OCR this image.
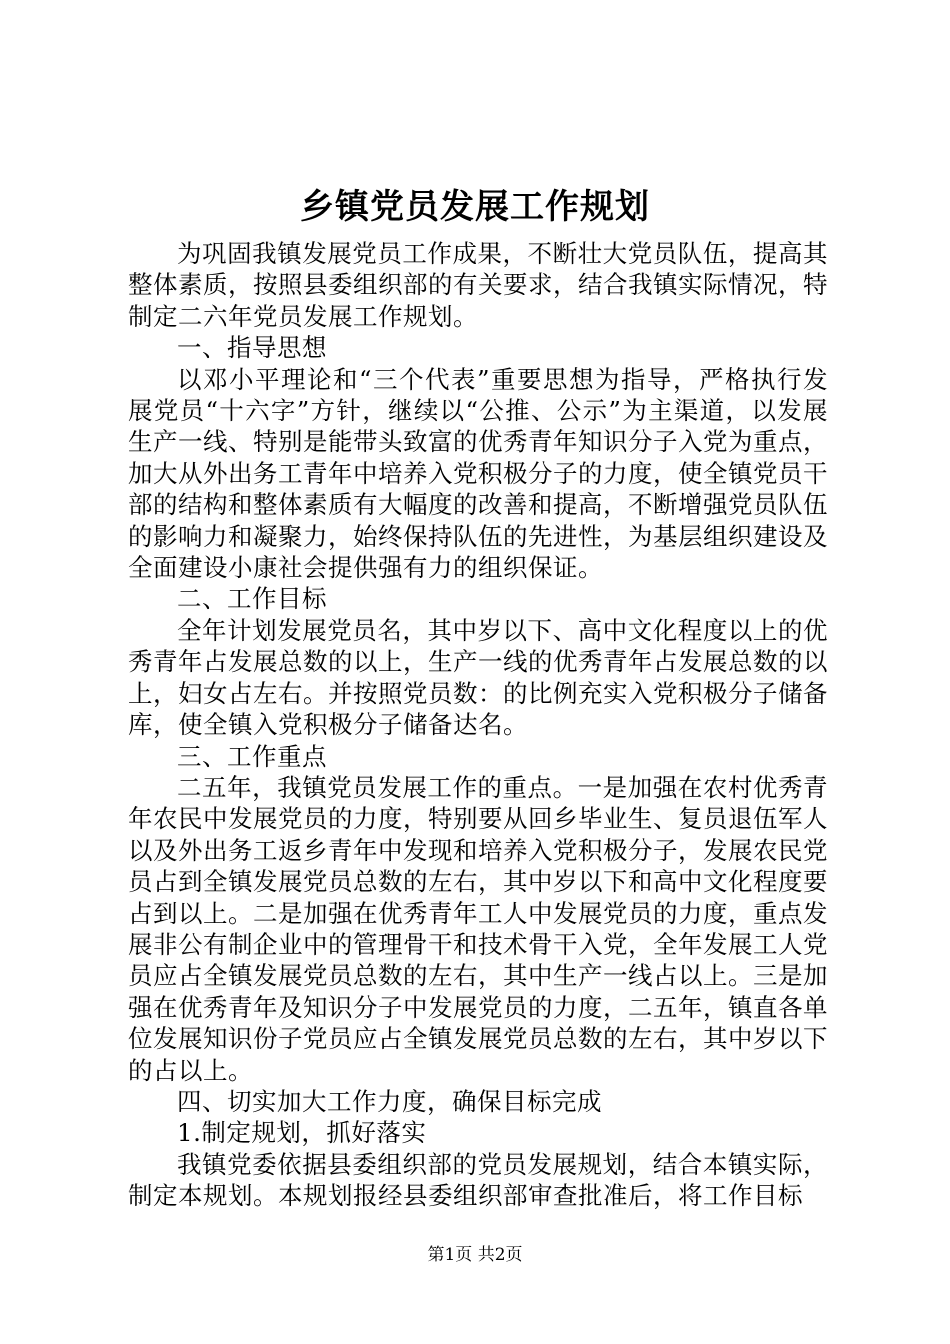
乡镇党员发展工作规划

为巩固我镇发展党员工作成果，不断壮大党员队伍，提高其整体素质，按照县委组织部的有关要求，结合我镇实际情况，特制定二六年党员发展工作规划。

一、指导思想

以邓小平理论和“三个代表”重要思想为指导，严格执行发展党员“十六字”方针，继续以“公推、公示”为主渠道，以发展生产一线、特别是能带头致富的优秀青年知识分子入党为重点，加大从外出务工青年中培养入党积极分子的力度，使全镇党员干部的结构和整体素质有大幅度的改善和提高，不断增强党员队伍的影响力和凝聚力，始终保持队伍的先进性，为基层组织建设及全面建设小康社会提供强有力的组织保证。

二、工作目标

全年计划发展党员名，其中岁以下、高中文化程度以上的优秀青年占发展总数的以上，生产一线的优秀青年占发展总数的以上，妇女占左右。并按照党员数：的比例充实入党积极分子储备库，使全镇入党积极分子储备达名。

三、工作重点

二五年，我镇党员发展工作的重点。一是加强在农村优秀青年农民中发展党员的力度，特别要从回乡毕业生、复员退伍军人以及外出务工返乡青年中发现和培养入党积极分子，发展农民党员占到全镇发展党员总数的左右，其中岁以下和高中文化程度要占到以上。二是加强在优秀青年工人中发展党员的力度，重点发展非公有制企业中的管理骨干和技术骨干入党，全年发展工人党员应占全镇发展党员总数的左右，其中生产一线占以上。三是加强在优秀青年及知识分子中发展党员的力度，二五年，镇直各单位发展知识份子党员应占全镇发展党员总数的左右，其中岁以下的占以上。

四、切实加大工作力度，确保目标完成

1.制定规划，抓好落实

我镇党委依据县委组织部的党员发展规划，结合本镇实际，制定本规划。本规划报经县委组织部审查批准后，将工作目标

第1页 共2页
